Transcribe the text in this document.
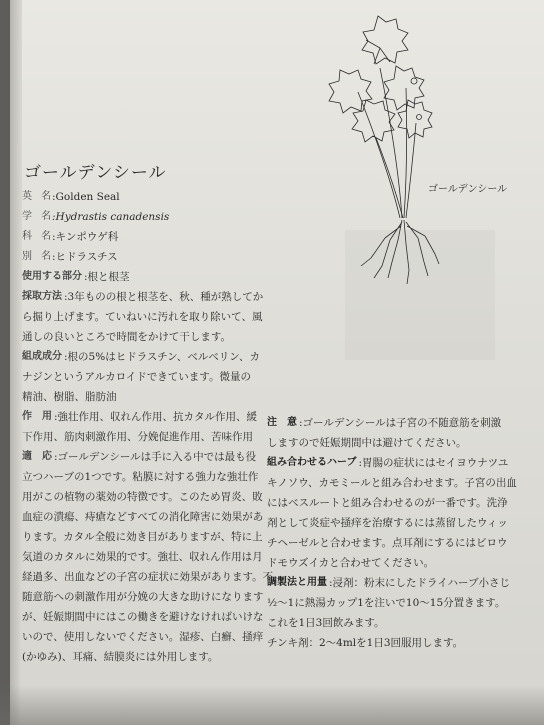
ゴールデンシール
ゴールデンシール
英 名
:Golden Seal
学 名
:Hydrastis canadensis
科 名
:キンポウゲ科
別 名
:ヒドラスチス
使用する部分 :根と根茎
採取方法 :3年ものの根と根茎を、秋、種が熟してか
ら掘り上げます。ていねいに汚れを取り除いて、風
通しの良いところで時間をかけて干します。
組成成分 :根の5%はヒドラスチン、ベルベリン、カ
ナジンというアルカロイドできています。微量の
精油、樹脂、脂肪油
作　用 :強壮作用、収れん作用、抗カタル作用、緩
下作用、筋肉刺激作用、分娩促進作用、苦味作用
適　応 :ゴールデンシールは手に入る中では最も役
立つハーブの1つです。粘膜に対する強力な強壮作
用がこの植物の薬効の特徴です。このため胃炎、敗
血症の潰瘍、痔瘡などすべての消化障害に効果があ
ります。カタル全般に効き目がありますが、特に上
気道のカタルに効果的です。強壮、収れん作用は月
経過多、出血などの子宮の症状に効果があります。不
随意筋への刺激作用が分娩の大きな助けになります
が、妊娠期間中にはこの働きを避けなければいけな
いので、使用しないでください。湿疹、白癬、掻痒
(かゆみ)、耳痛、結膜炎には外用します。
注　意 :ゴールデンシールは子宮の不随意筋を刺激
しますので妊娠期間中は避けてください。
組み合わせるハーブ :胃腸の症状にはセイヨウナツユ
キノソウ、カモミールと組み合わせます。子宮の出血
にはベスルートと組み合わせるのが一番です。洗浄
剤として炎症や掻痒を治療するには蒸留したウィッ
チヘーゼルと合わせます。点耳剤にするにはビロウ
ドモウズイカと合わせてください。
調製法と用量 :浸剤：粉末にしたドライハーブ小さじ
½～1に熱湯カップ1を注いで10～15分置きます。
これを1日3回飲みます。
チンキ剤：2～4mlを1日3回服用します。
